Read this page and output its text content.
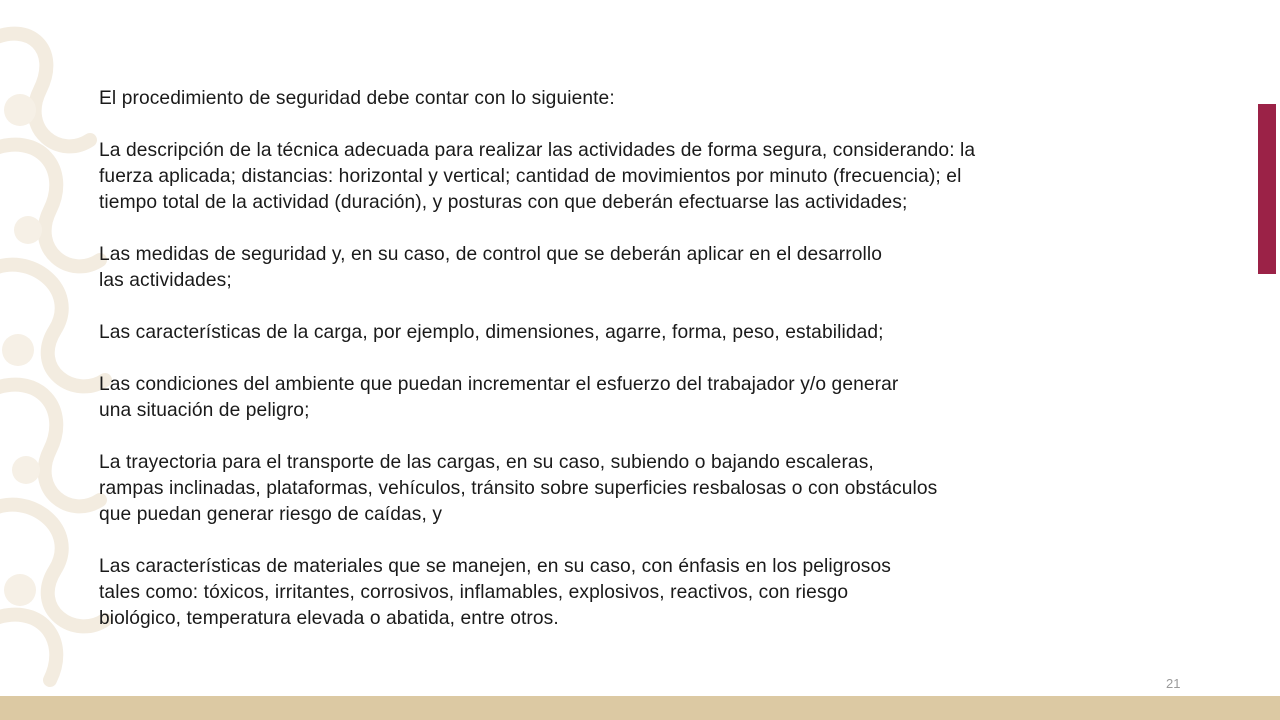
El procedimiento de seguridad debe contar con lo siguiente:

La descripción de la técnica adecuada para realizar las actividades de forma segura, considerando: la
fuerza aplicada; distancias: horizontal y vertical; cantidad de movimientos por minuto (frecuencia); el
tiempo total de la actividad (duración), y posturas con que deberán efectuarse las actividades;

Las medidas de seguridad y, en su caso, de control que se deberán aplicar en el desarrollo
las actividades;

Las características de la carga, por ejemplo, dimensiones, agarre, forma, peso, estabilidad;

Las condiciones del ambiente que puedan incrementar el esfuerzo del trabajador y/o generar
una situación de peligro;

La trayectoria para el transporte de las cargas, en su caso, subiendo o bajando escaleras,
rampas inclinadas, plataformas, vehículos, tránsito sobre superficies resbalosas o con obstáculos
que puedan generar riesgo de caídas, y

Las características de materiales que se manejen, en su caso, con énfasis en los peligrosos
tales como: tóxicos, irritantes, corrosivos, inflamables, explosivos, reactivos, con riesgo
biológico, temperatura elevada o abatida, entre otros.

21
